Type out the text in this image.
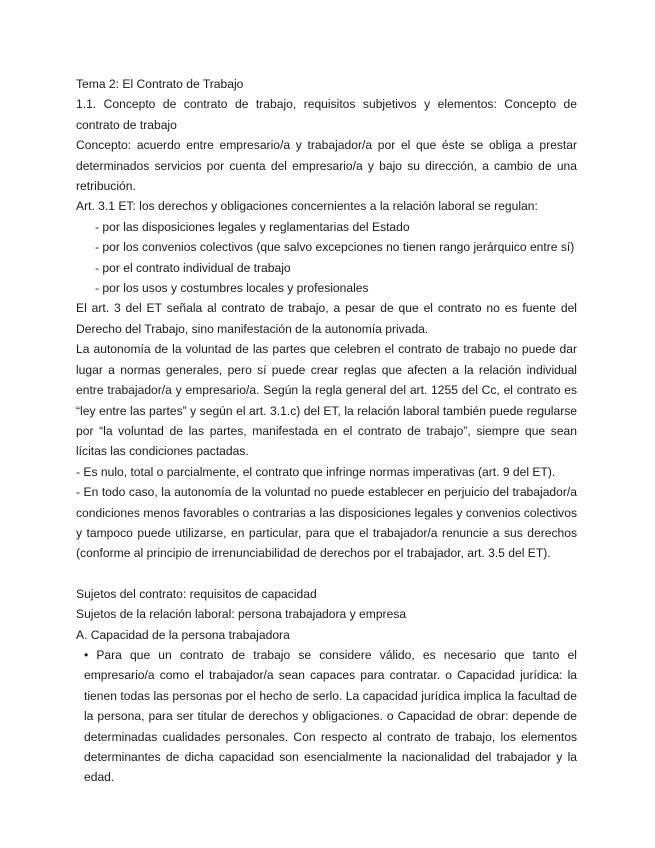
Tema 2: El Contrato de Trabajo

1.1. Concepto de contrato de trabajo, requisitos subjetivos y elementos: Concepto de contrato de trabajo

Concepto: acuerdo entre empresario/a y trabajador/a por el que éste se obliga a prestar determinados servicios por cuenta del empresario/a y bajo su dirección, a cambio de una retribución.

Art. 3.1 ET: los derechos y obligaciones concernientes a la relación laboral se regulan:

- por las disposiciones legales y reglamentarias del Estado

- por los convenios colectivos (que salvo excepciones no tienen rango jerárquico entre sí)

- por el contrato individual de trabajo

- por los usos y costumbres locales y profesionales

El art. 3 del ET señala al contrato de trabajo, a pesar de que el contrato no es fuente del Derecho del Trabajo, sino manifestación de la autonomía privada.

La autonomía de la voluntad de las partes que celebren el contrato de trabajo no puede dar lugar a normas generales, pero sí puede crear reglas que afecten a la relación individual entre trabajador/a y empresario/a. Según la regla general del art. 1255 del Cc, el contrato es “ley entre las partes” y según el art. 3.1.c) del ET, la relación laboral también puede regularse por “la voluntad de las partes, manifestada en el contrato de trabajo”, siempre que sean lícitas las condiciones pactadas.

- Es nulo, total o parcialmente, el contrato que infringe normas imperativas (art. 9 del ET).

- En todo caso, la autonomía de la voluntad no puede establecer en perjuicio del trabajador/a condiciones menos favorables o contrarias a las disposiciones legales y convenios colectivos y tampoco puede utilizarse, en particular, para que el trabajador/a renuncie a sus derechos (conforme al principio de irrenunciabilidad de derechos por el trabajador, art. 3.5 del ET).

Sujetos del contrato: requisitos de capacidad

Sujetos de la relación laboral: persona trabajadora y empresa

A. Capacidad de la persona trabajadora

• Para que un contrato de trabajo se considere válido, es necesario que tanto el empresario/a como el trabajador/a sean capaces para contratar. o Capacidad jurídica: la tienen todas las personas por el hecho de serlo. La capacidad jurídica implica la facultad de la persona, para ser titular de derechos y obligaciones. o Capacidad de obrar: depende de determinadas cualidades personales. Con respecto al contrato de trabajo, los elementos determinantes de dicha capacidad son esencialmente la nacionalidad del trabajador y la edad.
